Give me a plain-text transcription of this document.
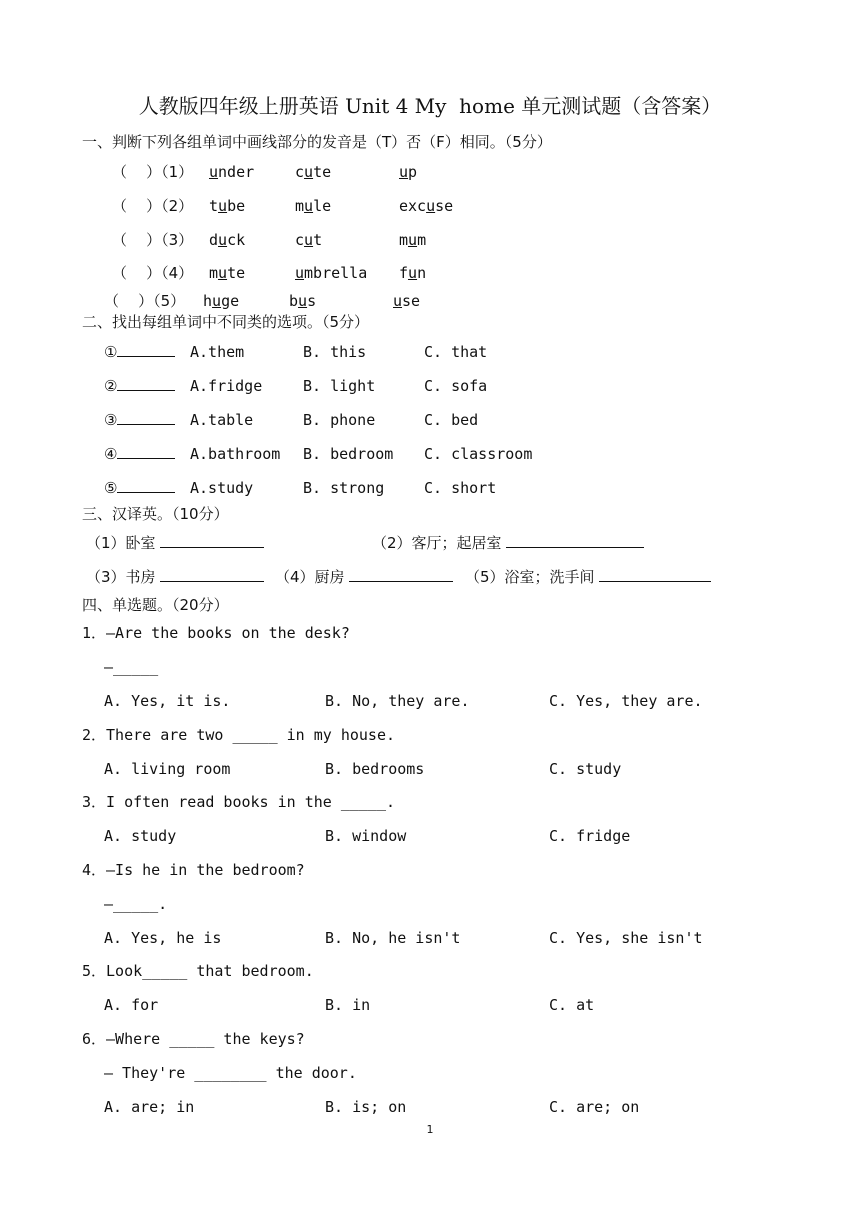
人教版四年级上册英语 Unit 4 My  home 单元测试题（含答案）
一、判断下列各组单词中画线部分的发音是（T）否（F）相同。（5分）
（    ）（1） under	cute	up
（    ）（2） tube	mule	excuse
（    ）（3） duck	cut	mum
（    ）（4） mute	umbrella fun
（    ）（5） huge	bus	use
二、找出每组单词中不同类的选项。（5分）
①	A.them	B. this	C. that
②	A.fridge	B. light	C. sofa
③	A.table	B. phone	C. bed
④	A.bathroom B. bedroom C. classroom
⑤	A.study	B. strong	C. short
三、汉译英。（10分）
（1）卧室	（2）客厅；起居室
（3）书房	（4）厨房	（5）浴室；洗手间
四、单选题。（20分）
1．—Are the books on the desk?
—_____
A. Yes, it is.	B. No, they are.	C. Yes, they are.
2．There are two _____ in my house.
A. living room	B. bedrooms	C. study
3．I often read books in the _____.
A. study	B. window	C. fridge
4．—Is he in the bedroom?
—_____.
A. Yes, he is	B. No, he isn't	C. Yes, she isn't
5．Look_____ that bedroom.
A. for	B. in	C. at
6．—Where _____ the keys?
— They're ________ the door.
A. are; in	B. is; on	C. are; on
1
